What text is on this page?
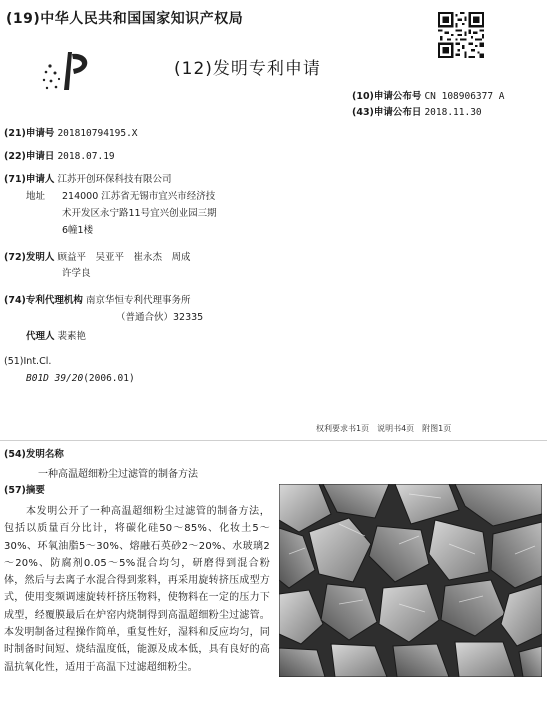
(19)中华人民共和国国家知识产权局
(12)发明专利申请
(10)申请公布号 CN 108906377 A
(43)申请公布日 2018.11.30
(21)申请号 201810794195.X
(22)申请日 2018.07.19
(71)申请人 江苏开创环保科技有限公司
地址 214000 江苏省无锡市宜兴市经济技
术开发区永宁路11号宜兴创业园三期
6幢1楼
(72)发明人 顾益平　吴亚平　崔永杰　周成
许学良
(74)专利代理机构 南京华恒专利代理事务所
（普通合伙）32335
代理人 裴素艳
(51)Int.Cl.
B01D 39/20(2006.01)
权利要求书1页　说明书4页　附图1页
(54)发明名称
一种高温超细粉尘过滤管的制备方法
(57)摘要
本发明公开了一种高温超细粉尘过滤管的制备方法，包括以质量百分比计，将碳化硅50～85%、化妆土5～30%、环氧油脂5～30%、熔融石英砂2～20%、水玻璃2～20%、防腐剂0.05～5%混合均匀，研磨得到混合粉体，然后与去离子水混合得到浆料，再采用旋转挤压成型方式，使用变频调速旋转杆挤压物料，使物料在一定的压力下成型，经覆膜最后在炉窑内烧制得到高温超细粉尘过滤管。本发明制备过程操作简单，重复性好，湿料和反应均匀，同时制备时间短、烧结温度低，能源及成本低，具有良好的高温抗氧化性，适用于高温下过滤超细粉尘。
